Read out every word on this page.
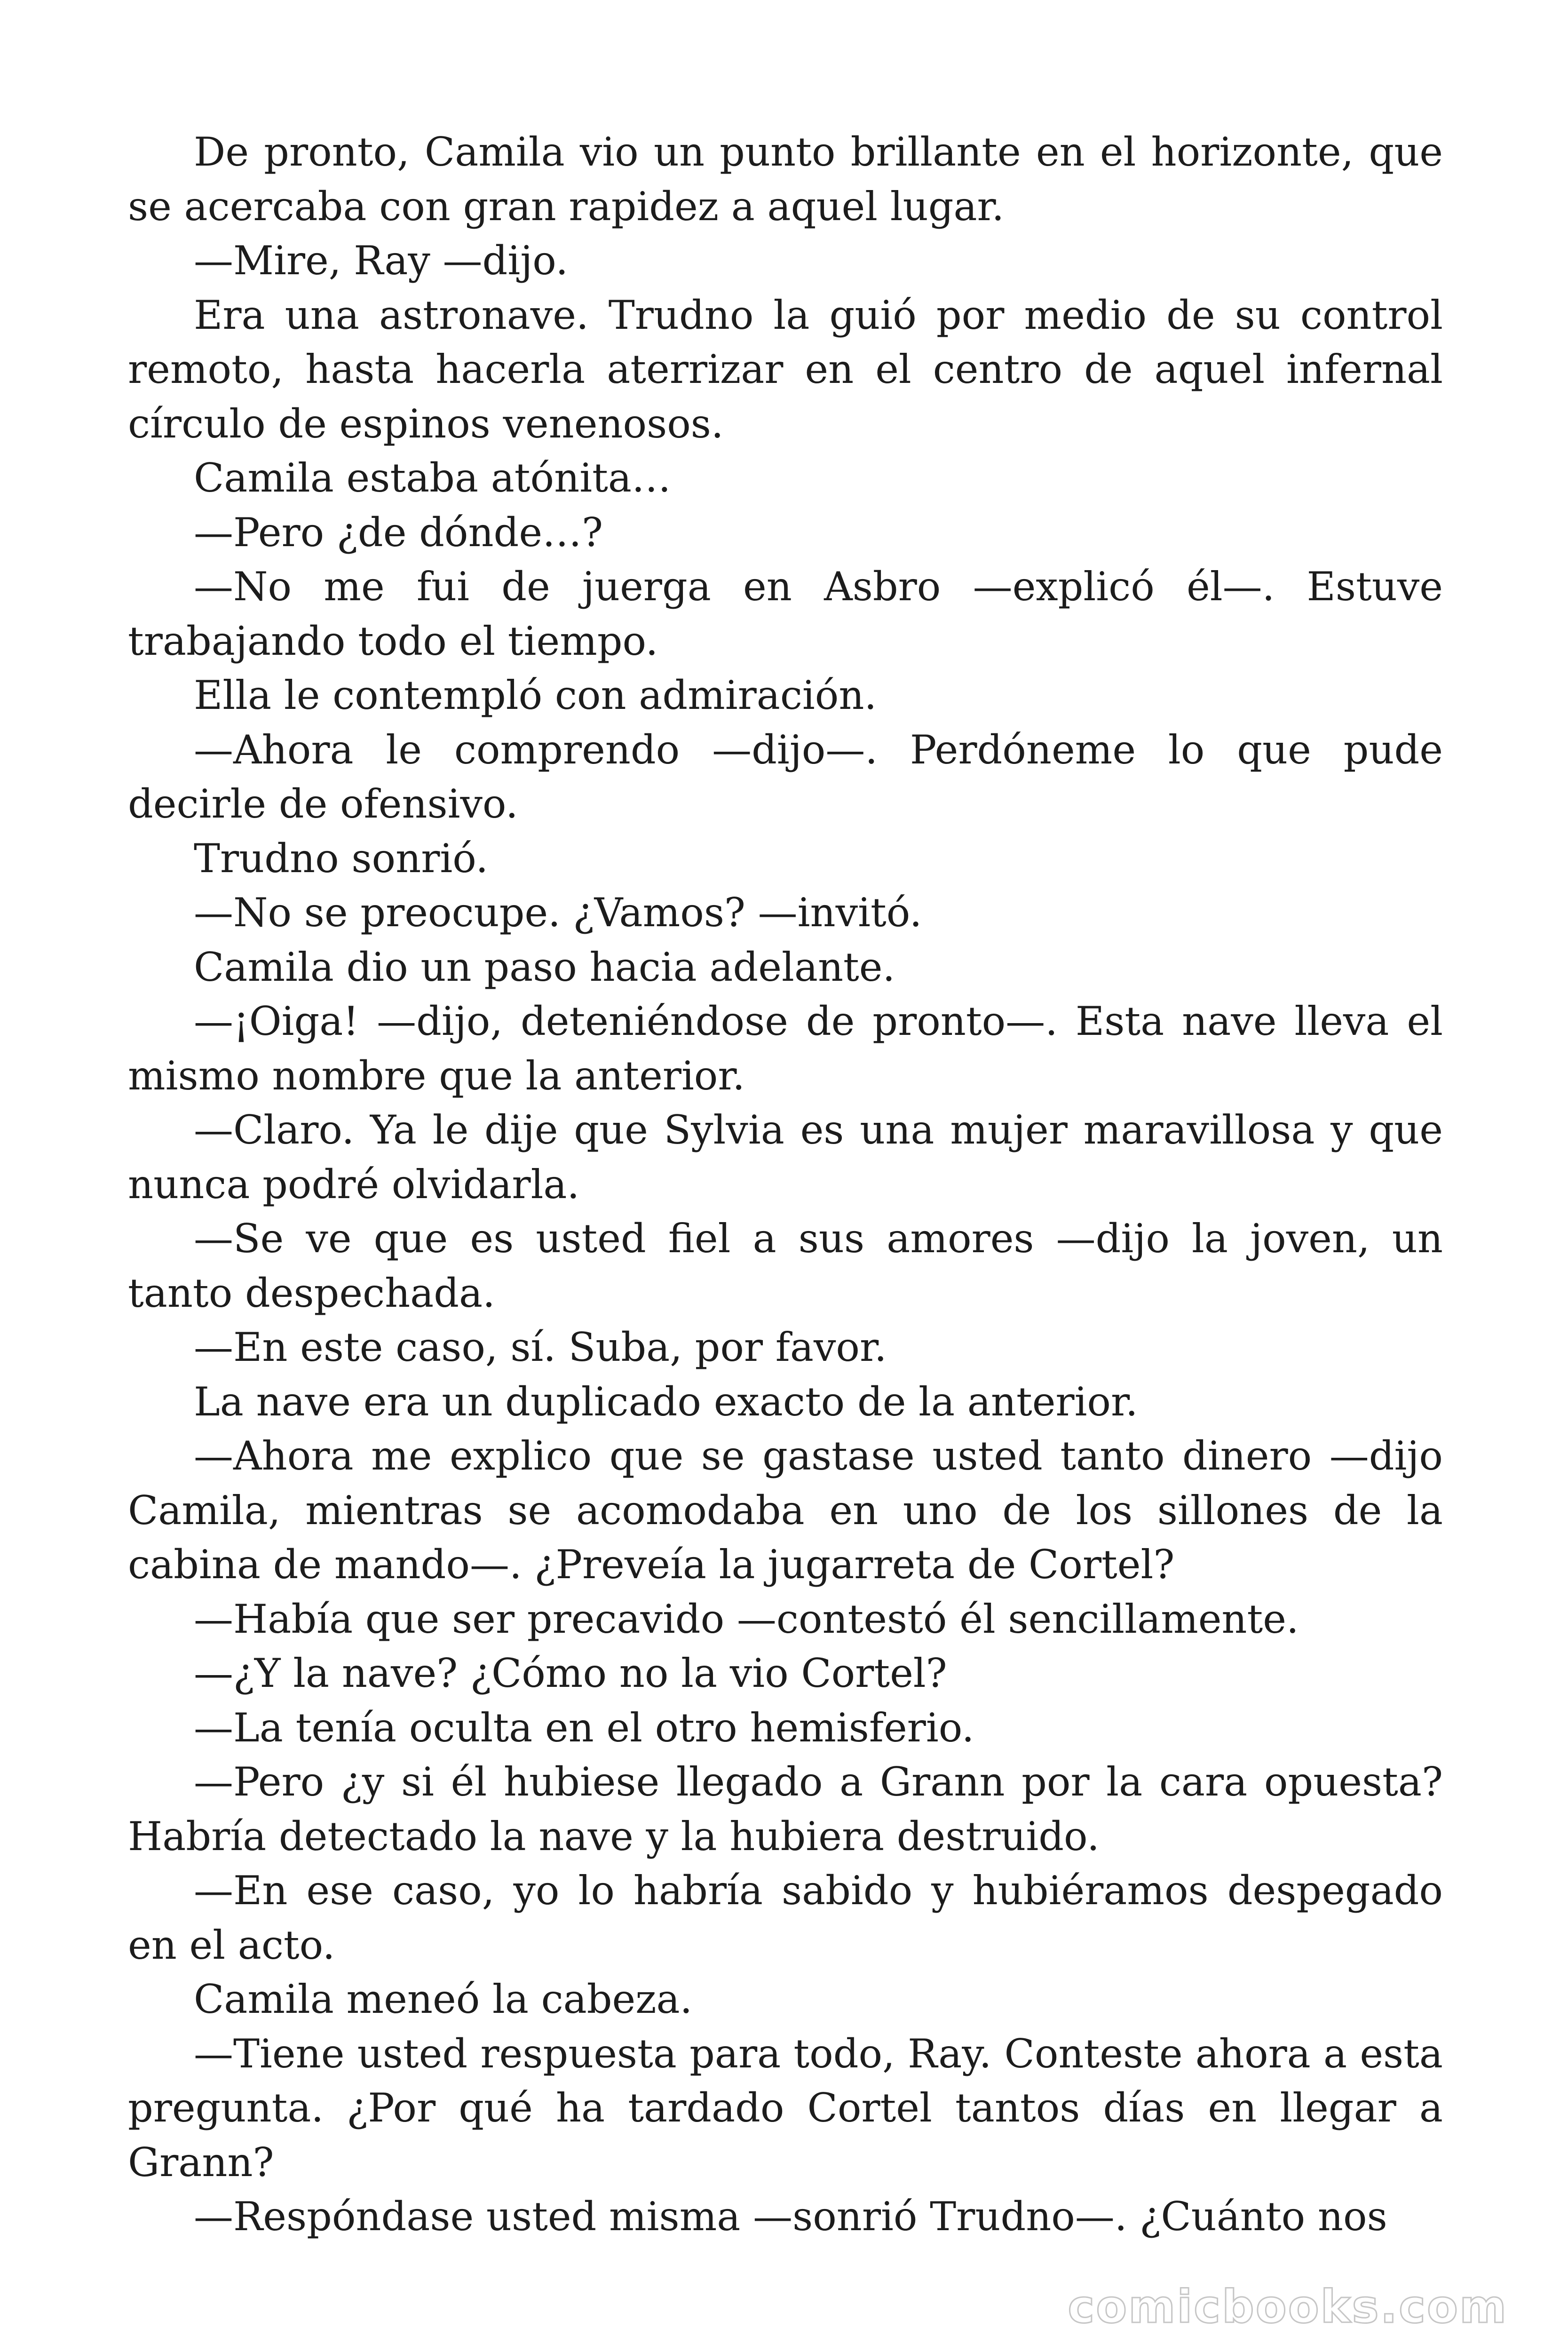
De pronto, Camila vio un punto brillante en el horizonte, que se acercaba con gran rapidez a aquel lugar.

—Mire, Ray —dijo.

Era una astronave. Trudno la guió por medio de su control remoto, hasta hacerla aterrizar en el centro de aquel infernal círculo de espinos venenosos.

Camila estaba atónita…

—Pero ¿de dónde…?

—No me fui de juerga en Asbro —explicó él—. Estuve trabajando todo el tiempo.

Ella le contempló con admiración.

—Ahora le comprendo —dijo—. Perdóneme lo que pude decirle de ofensivo.

Trudno sonrió.

—No se preocupe. ¿Vamos? —invitó.

Camila dio un paso hacia adelante.

—¡Oiga! —dijo, deteniéndose de pronto—. Esta nave lleva el mismo nombre que la anterior.

—Claro. Ya le dije que Sylvia es una mujer maravillosa y que nunca podré olvidarla.

—Se ve que es usted fiel a sus amores —dijo la joven, un tanto despechada.

—En este caso, sí. Suba, por favor.

La nave era un duplicado exacto de la anterior.

—Ahora me explico que se gastase usted tanto dinero —dijo Camila, mientras se acomodaba en uno de los sillones de la cabina de mando—. ¿Preveía la jugarreta de Cortel?

—Había que ser precavido —contestó él sencillamente.

—¿Y la nave? ¿Cómo no la vio Cortel?

—La tenía oculta en el otro hemisferio.

—Pero ¿y si él hubiese llegado a Grann por la cara opuesta? Habría detectado la nave y la hubiera destruido.

—En ese caso, yo lo habría sabido y hubiéramos despegado en el acto.

Camila meneó la cabeza.

—Tiene usted respuesta para todo, Ray. Conteste ahora a esta pregunta. ¿Por qué ha tardado Cortel tantos días en llegar a Grann?

—Respóndase usted misma —sonrió Trudno—. ¿Cuánto nos

comicbooks.com
